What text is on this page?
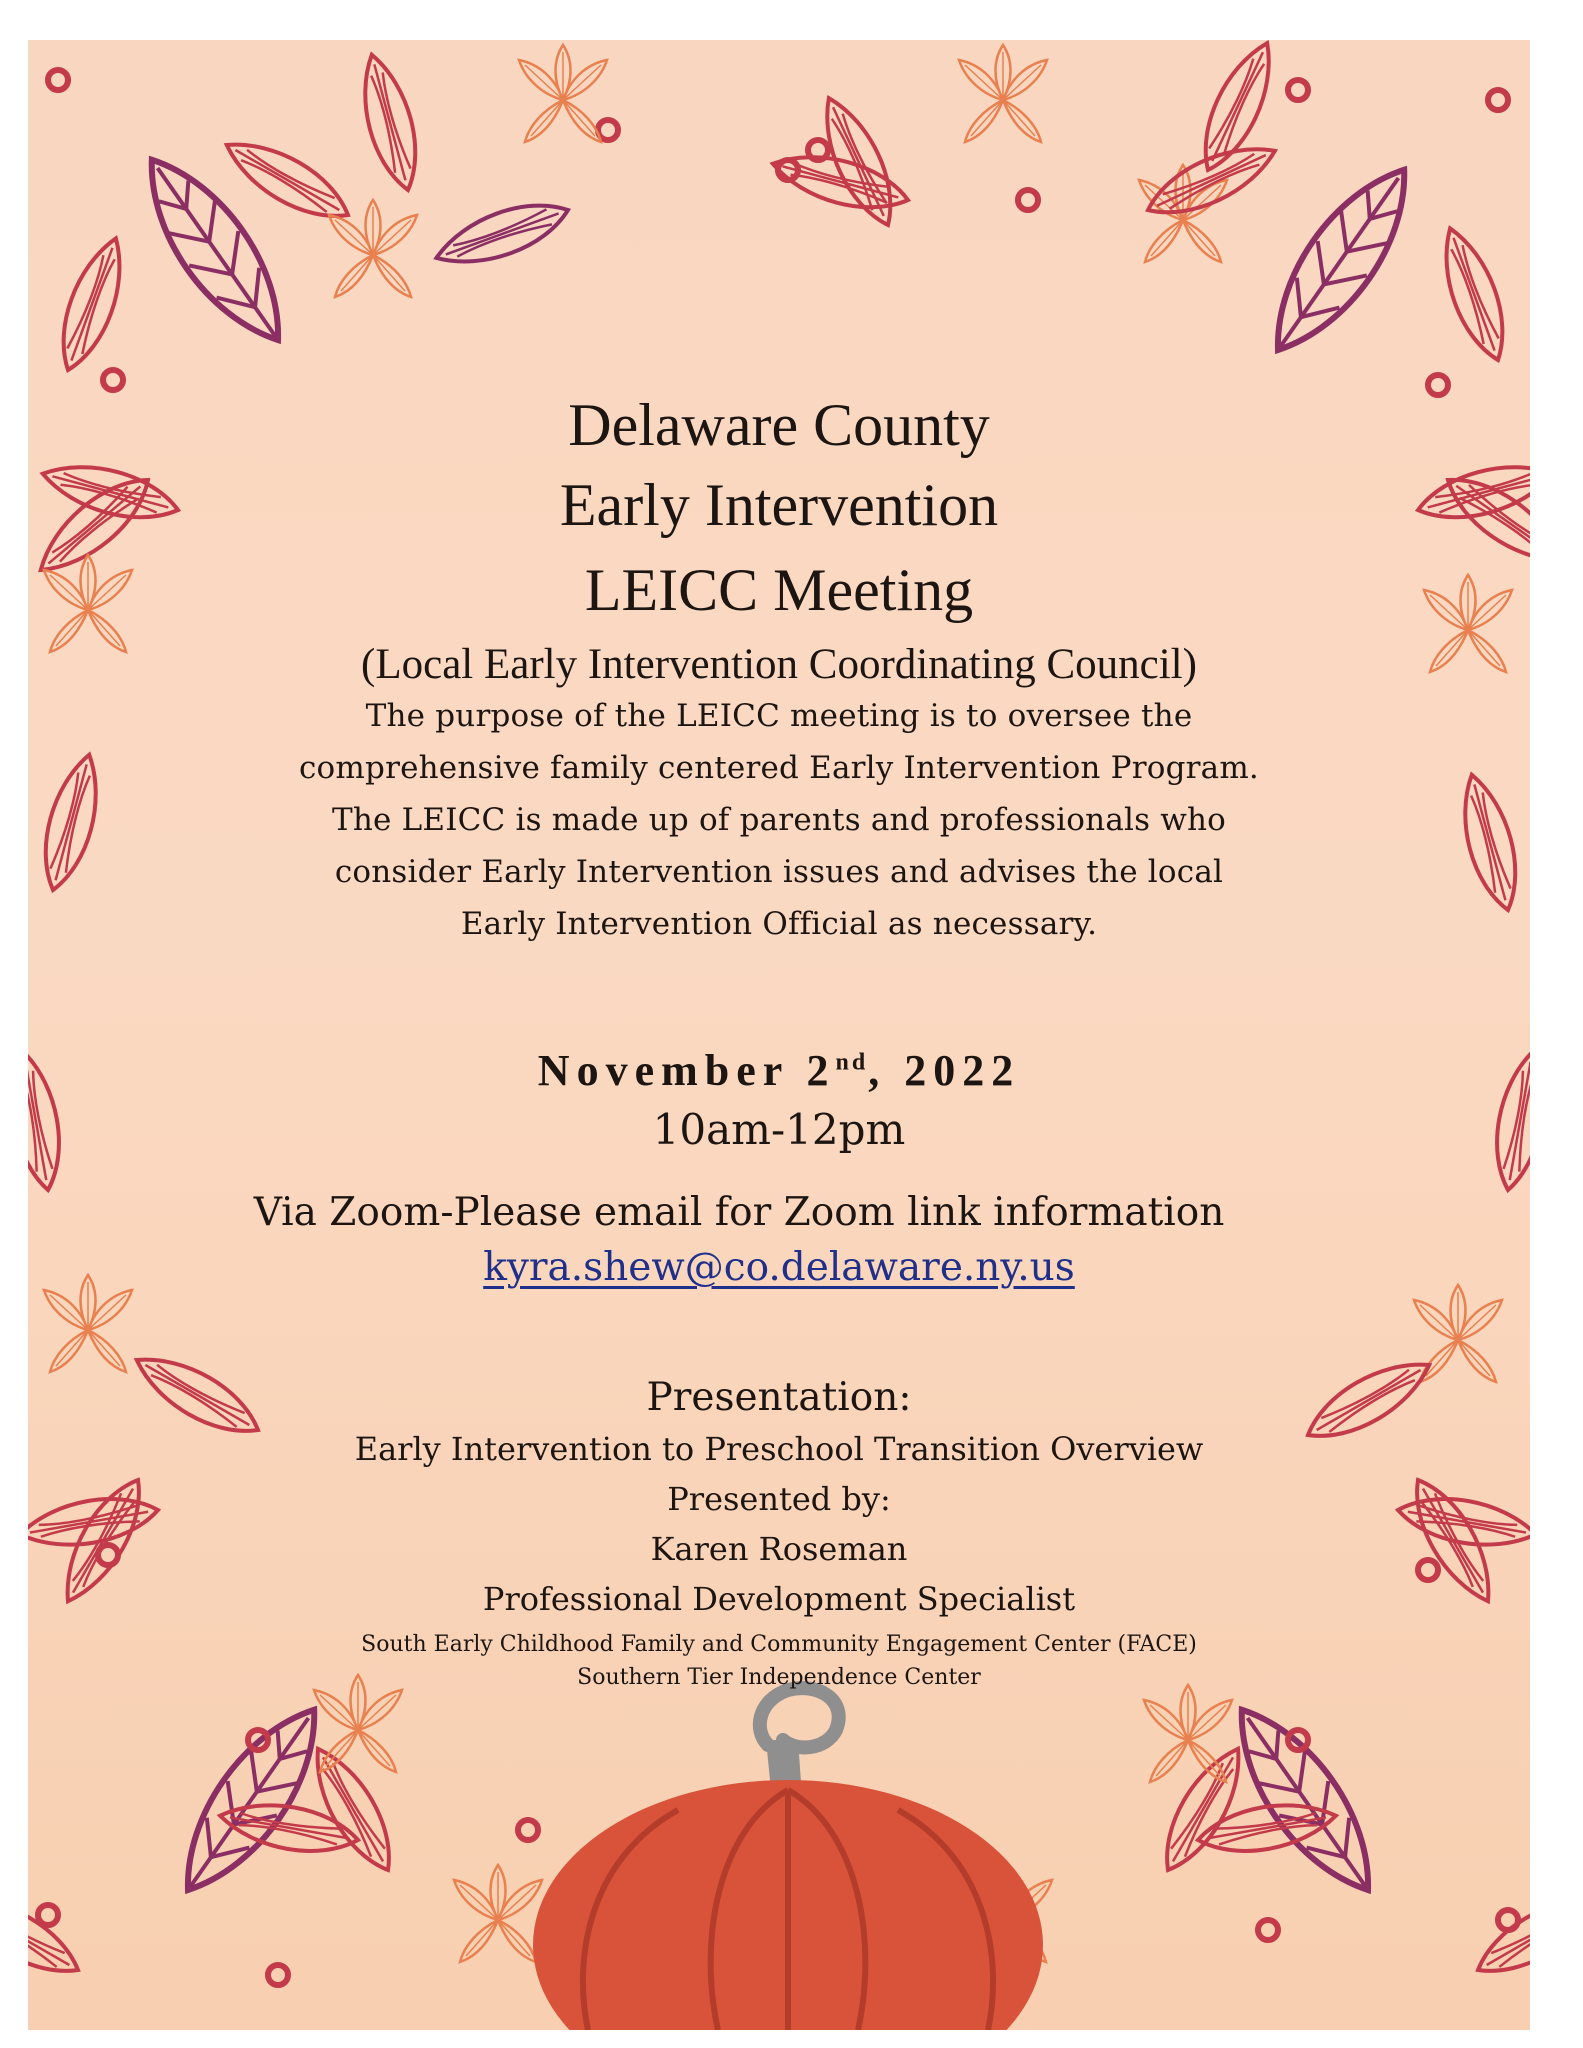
Delaware County
Early Intervention
LEICC Meeting
(Local Early Intervention Coordinating Council)
The purpose of the LEICC meeting is to oversee the
comprehensive family centered Early Intervention Program.
The LEICC is made up of parents and professionals who
consider Early Intervention issues and advises the local
Early Intervention Official as necessary.
November 2nd, 2022
10am-12pm
Via Zoom-Please email for Zoom link information
kyra.shew@co.delaware.ny.us
Presentation:
Early Intervention to Preschool Transition Overview
Presented by:
Karen Roseman
Professional Development Specialist
South Early Childhood Family and Community Engagement Center (FACE)
Southern Tier Independence Center
